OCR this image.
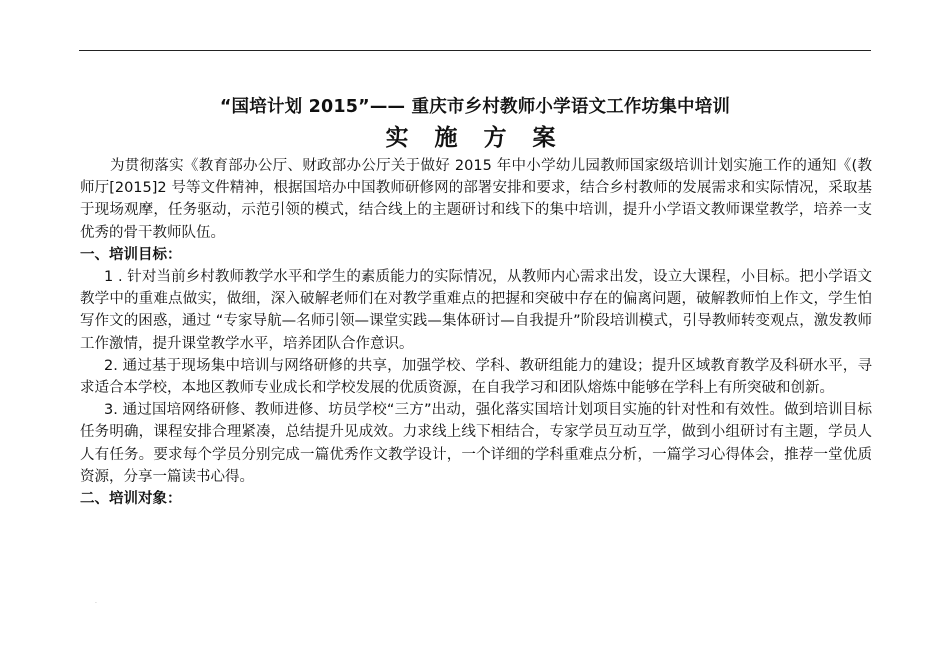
“国培计划 2015”—— 重庆市乡村教师小学语文工作坊集中培训
实 施 方 案

为贯彻落实《教育部办公厅、财政部办公厅关于做好 2015 年中小学幼儿园教师国家级培训计划实施工作的通知《(教师厅[2015]2 号等文件精神，根据国培办中国教师研修网的部署安排和要求，结合乡村教师的发展需求和实际情况，采取基于现场观摩，任务驱动，示范引领的模式，结合线上的主题研讨和线下的集中培训，提升小学语文教师课堂教学，培养一支优秀的骨干教师队伍。

一、培训目标：

1 . 针对当前乡村教师教学水平和学生的素质能力的实际情况，从教师内心需求出发，设立大课程，小目标。把小学语文教学中的重难点做实，做细，深入破解老师们在对教学重难点的把握和突破中存在的偏离问题，破解教师怕上作文，学生怕写作文的困惑，通过 “专家导航—名师引领—课堂实践—集体研讨—自我提升”阶段培训模式，引导教师转变观点，激发教师工作激情，提升课堂教学水平，培养团队合作意识。

2. 通过基于现场集中培训与网络研修的共享，加强学校、学科、教研组能力的建设；提升区域教育教学及科研水平，寻求适合本学校，本地区教师专业成长和学校发展的优质资源，在自我学习和团队熔炼中能够在学科上有所突破和创新。

3. 通过国培网络研修、教师进修、坊员学校“三方”出动，强化落实国培计划项目实施的针对性和有效性。做到培训目标任务明确，课程安排合理紧凑，总结提升见成效。力求线上线下相结合，专家学员互动互学，做到小组研讨有主题，学员人人有任务。要求每个学员分别完成一篇优秀作文教学设计，一个详细的学科重难点分析，一篇学习心得体会，推荐一堂优质资源，分享一篇读书心得。

二、培训对象：

·
